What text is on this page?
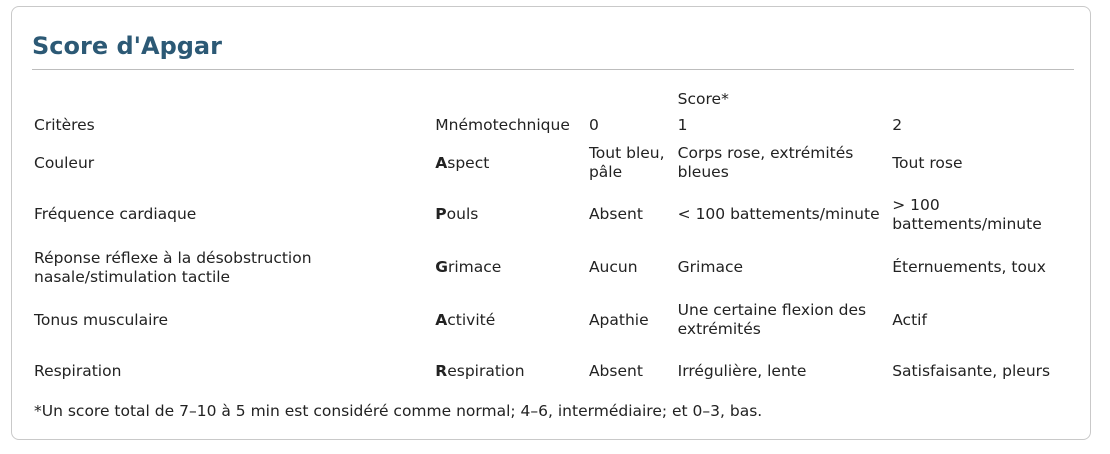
Score d'Apgar
			Score*	
Critères	Mnémotechnique	0	1	2
Couleur	Aspect	Tout bleu, pâle	Corps rose, extrémités bleues	Tout rose
Fréquence cardiaque	Pouls	Absent	< 100 battements/minute	> 100 battements/minute
Réponse réflexe à la désobstruction nasale/stimulation tactile	Grimace	Aucun	Grimace	Éternuements, toux
Tonus musculaire	Activité	Apathie	Une certaine flexion des extrémités	Actif
Respiration	Respiration	Absent	Irrégulière, lente	Satisfaisante, pleurs

*Un score total de 7–10 à 5 min est considéré comme normal; 4–6, intermédiaire; et 0–3, bas.
